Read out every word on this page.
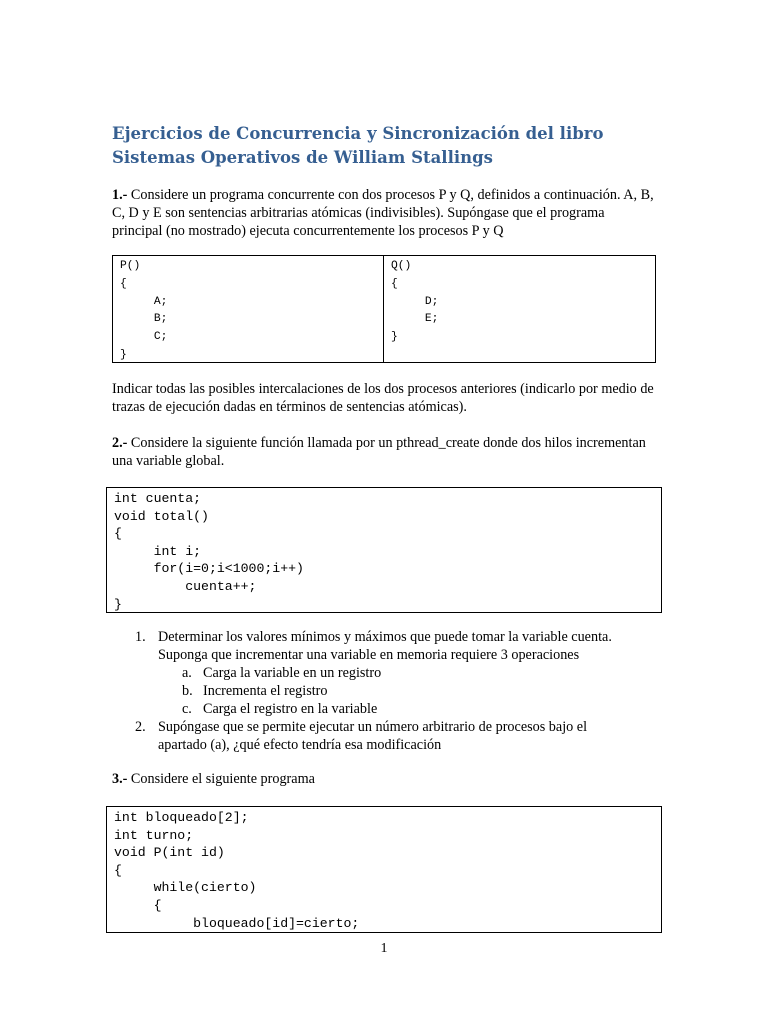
Ejercicios de Concurrencia y Sincronización del libro Sistemas Operativos de William Stallings
1.- Considere un programa concurrente con dos procesos P y Q, definidos a continuación. A, B, C, D y E son sentencias arbitrarias atómicas (indivisibles). Supóngase que el programa principal (no mostrado) ejecuta concurrentemente los procesos P y Q
P()
{
A;
B;
C;
}
Q()
{
D;
E;
}
Indicar todas las posibles intercalaciones de los dos procesos anteriores (indicarlo por medio de trazas de ejecución dadas en términos de sentencias atómicas).
2.- Considere la siguiente función llamada por un pthread_create donde dos hilos incrementan una variable global.
int cuenta;
void total()
{
int i;
for(i=0;i<1000;i++)
cuenta++;
}
1. Determinar los valores mínimos y máximos que puede tomar la variable cuenta. Suponga que incrementar una variable en memoria requiere 3 operaciones
a. Carga la variable en un registro
b. Incrementa el registro
c. Carga el registro en la variable
2. Supóngase que se permite ejecutar un número arbitrario de procesos bajo el apartado (a), ¿qué efecto tendría esa modificación
3.- Considere el siguiente programa
int bloqueado[2];
int turno;
void P(int id)
{
while(cierto)
{
bloqueado[id]=cierto;
1
